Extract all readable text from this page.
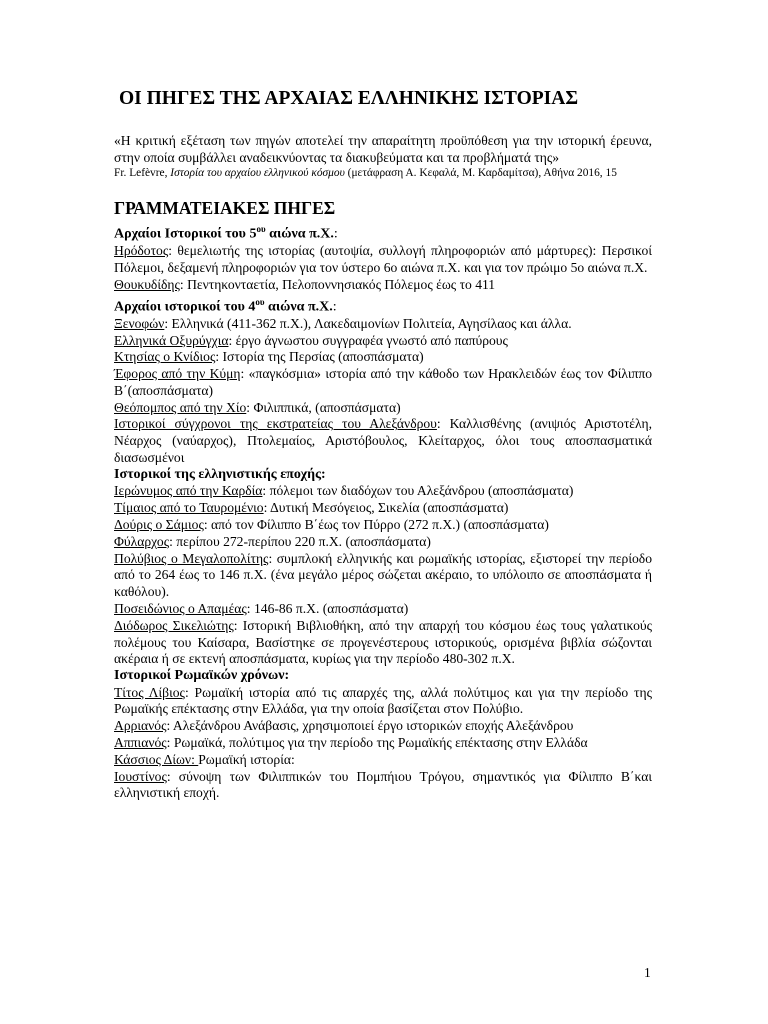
ΟΙ ΠΗΓΕΣ ΤΗΣ ΑΡΧΑΙΑΣ ΕΛΛΗΝΙΚΗΣ ΙΣΤΟΡΙΑΣ

«Η κριτική εξέταση των πηγών αποτελεί την απαραίτητη προϋπόθεση για την ιστορική έρευνα, στην οποία συμβάλλει αναδεικνύοντας τα διακυβεύματα και τα προβλήματά της»

Fr. Lefèvre, Ιστορία του αρχαίου ελληνικού κόσμου (μετάφραση Α. Κεφαλά, Μ. Καρδαμίτσα), Αθήνα 2016, 15

ΓΡΑΜΜΑΤΕΙΑΚΕΣ ΠΗΓΕΣ

Αρχαίοι Ιστορικοί του $5^{o\upsilon}$ αιώνα π.Χ.:

Ηρόδοτος: θεμελιωτής της ιστορίας (αυτοψία, συλλογή πληροφοριών από μάρτυρες): Περσικοί Πόλεμοι, δεξαμενή πληροφοριών για τον ύστερο 6ο αιώνα π.Χ. και για τον πρώιμο 5ο αιώνα π.Χ.

Θουκυδίδης: Πεντηκονταετία, Πελοποννησιακός Πόλεμος έως το 411

Αρχαίοι ιστορικοί του $4^{o\upsilon}$ αιώνα π.Χ.:

Ξενοφών: Ελληνικά (411-362 π.Χ.), Λακεδαιμονίων Πολιτεία, Αγησίλαος και άλλα.

Ελληνικά Οξυρύγχια: έργο άγνωστου συγγραφέα γνωστό από παπύρους

Κτησίας ο Κνίδιος: Ιστορία της Περσίας (αποσπάσματα)

Έφορος από την Κύμη: «παγκόσμια» ιστορία από την κάθοδο των Ηρακλειδών έως τον Φίλιππο Β΄(αποσπάσματα)

Θεόπομπος από την Χίο: Φιλιππικά, (αποσπάσματα)

Ιστορικοί σύγχρονοι της εκστρατείας του Αλεξάνδρου: Καλλισθένης (ανιψιός Αριστοτέλη, Νέαρχος (ναύαρχος), Πτολεμαίος, Αριστόβουλος, Κλείταρχος, όλοι τους αποσπασματικά διασωσμένοι

Ιστορικοί της ελληνιστικής εποχής:

Ιερώνυμος από την Καρδία: πόλεμοι των διαδόχων του Αλεξάνδρου (αποσπάσματα)

Τίμαιος από το Ταυρομένιο: Δυτική Μεσόγειος, Σικελία (αποσπάσματα)

Δούρις ο Σάμιος: από τον Φίλιππο Β΄έως τον Πύρρο (272 π.Χ.) (αποσπάσματα)

Φύλαρχος: περίπου 272-περίπου 220 π.Χ. (αποσπάσματα)

Πολύβιος ο Μεγαλοπολίτης: συμπλοκή ελληνικής και ρωμαϊκής ιστορίας, εξιστορεί την περίοδο από το 264 έως το 146 π.Χ. (ένα μεγάλο μέρος σώζεται ακέραιο, το υπόλοιπο σε αποσπάσματα ή καθόλου).

Ποσειδώνιος ο Απαμέας: 146-86 π.Χ. (αποσπάσματα)

Διόδωρος Σικελιώτης: Ιστορική Βιβλιοθήκη, από την απαρχή του κόσμου έως τους γαλατικούς πολέμους του Καίσαρα, Βασίστηκε σε προγενέστερους ιστορικούς, ορισμένα βιβλία σώζονται ακέραια ή σε εκτενή αποσπάσματα, κυρίως για την περίοδο 480-302 π.Χ.

Ιστορικοί Ρωμαϊκών χρόνων:

Τίτος Λίβιος: Ρωμαϊκή ιστορία από τις απαρχές της, αλλά πολύτιμος και για την περίοδο της Ρωμαϊκής επέκτασης στην Ελλάδα, για την οποία βασίζεται στον Πολύβιο.

Αρριανός: Αλεξάνδρου Ανάβασις, χρησιμοποιεί έργο ιστορικών εποχής Αλεξάνδρου

Αππιανός: Ρωμαϊκά, πολύτιμος για την περίοδο της Ρωμαϊκής επέκτασης στην Ελλάδα

Κάσσιος Δίων: Ρωμαϊκή ιστορία:

Ιουστίνος: σύνοψη των Φιλιππικών του Πομπήιου Τρόγου, σημαντικός για Φίλιππο Β΄και ελληνιστική εποχή.

1
